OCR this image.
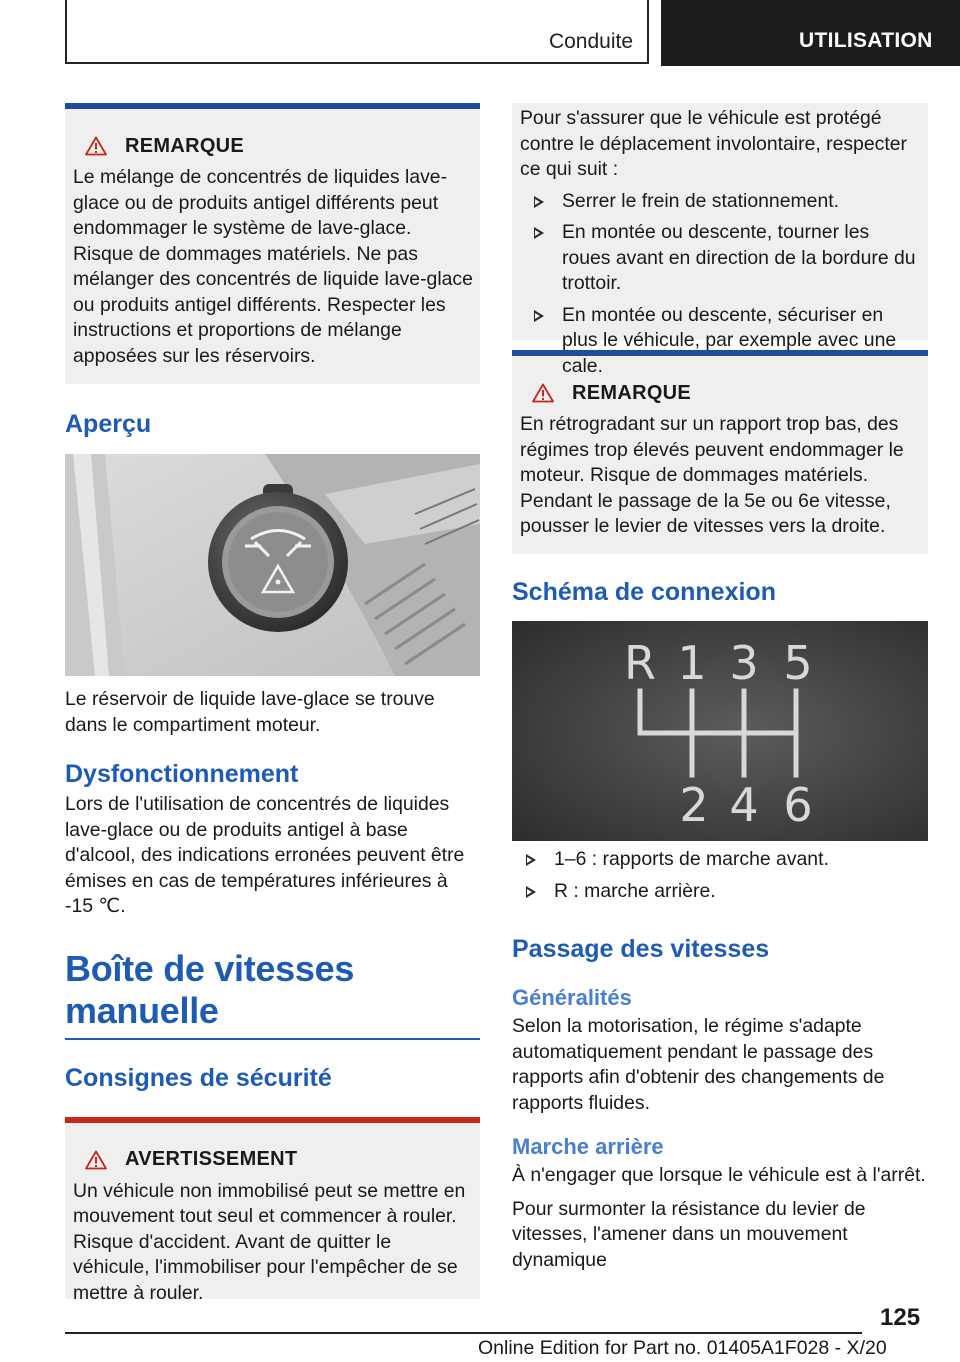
Conduite	UTILISATION
REMARQUE

Le mélange de concentrés de liquides lave-glace ou de produits antigel différents peut endommager le système de lave-glace. Risque de dommages matériels. Ne pas mélanger des concentrés de liquide lave-glace ou produits antigel différents. Respecter les instructions et proportions de mélange apposées sur les réservoirs.

Aperçu

Le réservoir de liquide lave-glace se trouve dans le compartiment moteur.

Dysfonctionnement

Lors de l'utilisation de concentrés de liquides lave-glace ou de produits antigel à base d'alcool, des indications erronées peuvent être émises en cas de températures inférieures à -15 ℃.

Boîte de vitesses manuelle
Consignes de sécurité
AVERTISSEMENT

Un véhicule non immobilisé peut se mettre en mouvement tout seul et commencer à rouler. Risque d'accident. Avant de quitter le véhicule, l'immobiliser pour l'empêcher de se mettre à rouler.

Pour s'assurer que le véhicule est protégé contre le déplacement involontaire, respecter ce qui suit :

Serrer le frein de stationnement.
En montée ou descente, tourner les roues avant en direction de la bordure du trottoir.
En montée ou descente, sécuriser en plus le véhicule, par exemple avec une cale.
REMARQUE

En rétrogradant sur un rapport trop bas, des régimes trop élevés peuvent endommager le moteur. Risque de dommages matériels. Pendant le passage de la 5e ou 6e vitesse, pousser le levier de vitesses vers la droite.

Schéma de connexion
R 1 3 5
2 4 6
1–6 : rapports de marche avant.
R : marche arrière.
Passage des vitesses
Généralités

Selon la motorisation, le régime s'adapte automatiquement pendant le passage des rapports afin d'obtenir des changements de rapports fluides.

Marche arrière

À n'engager que lorsque le véhicule est à l'arrêt.

Pour surmonter la résistance du levier de vitesses, l'amener dans un mouvement dynamique

125
Online Edition for Part no. 01405A1F028 - X/20
